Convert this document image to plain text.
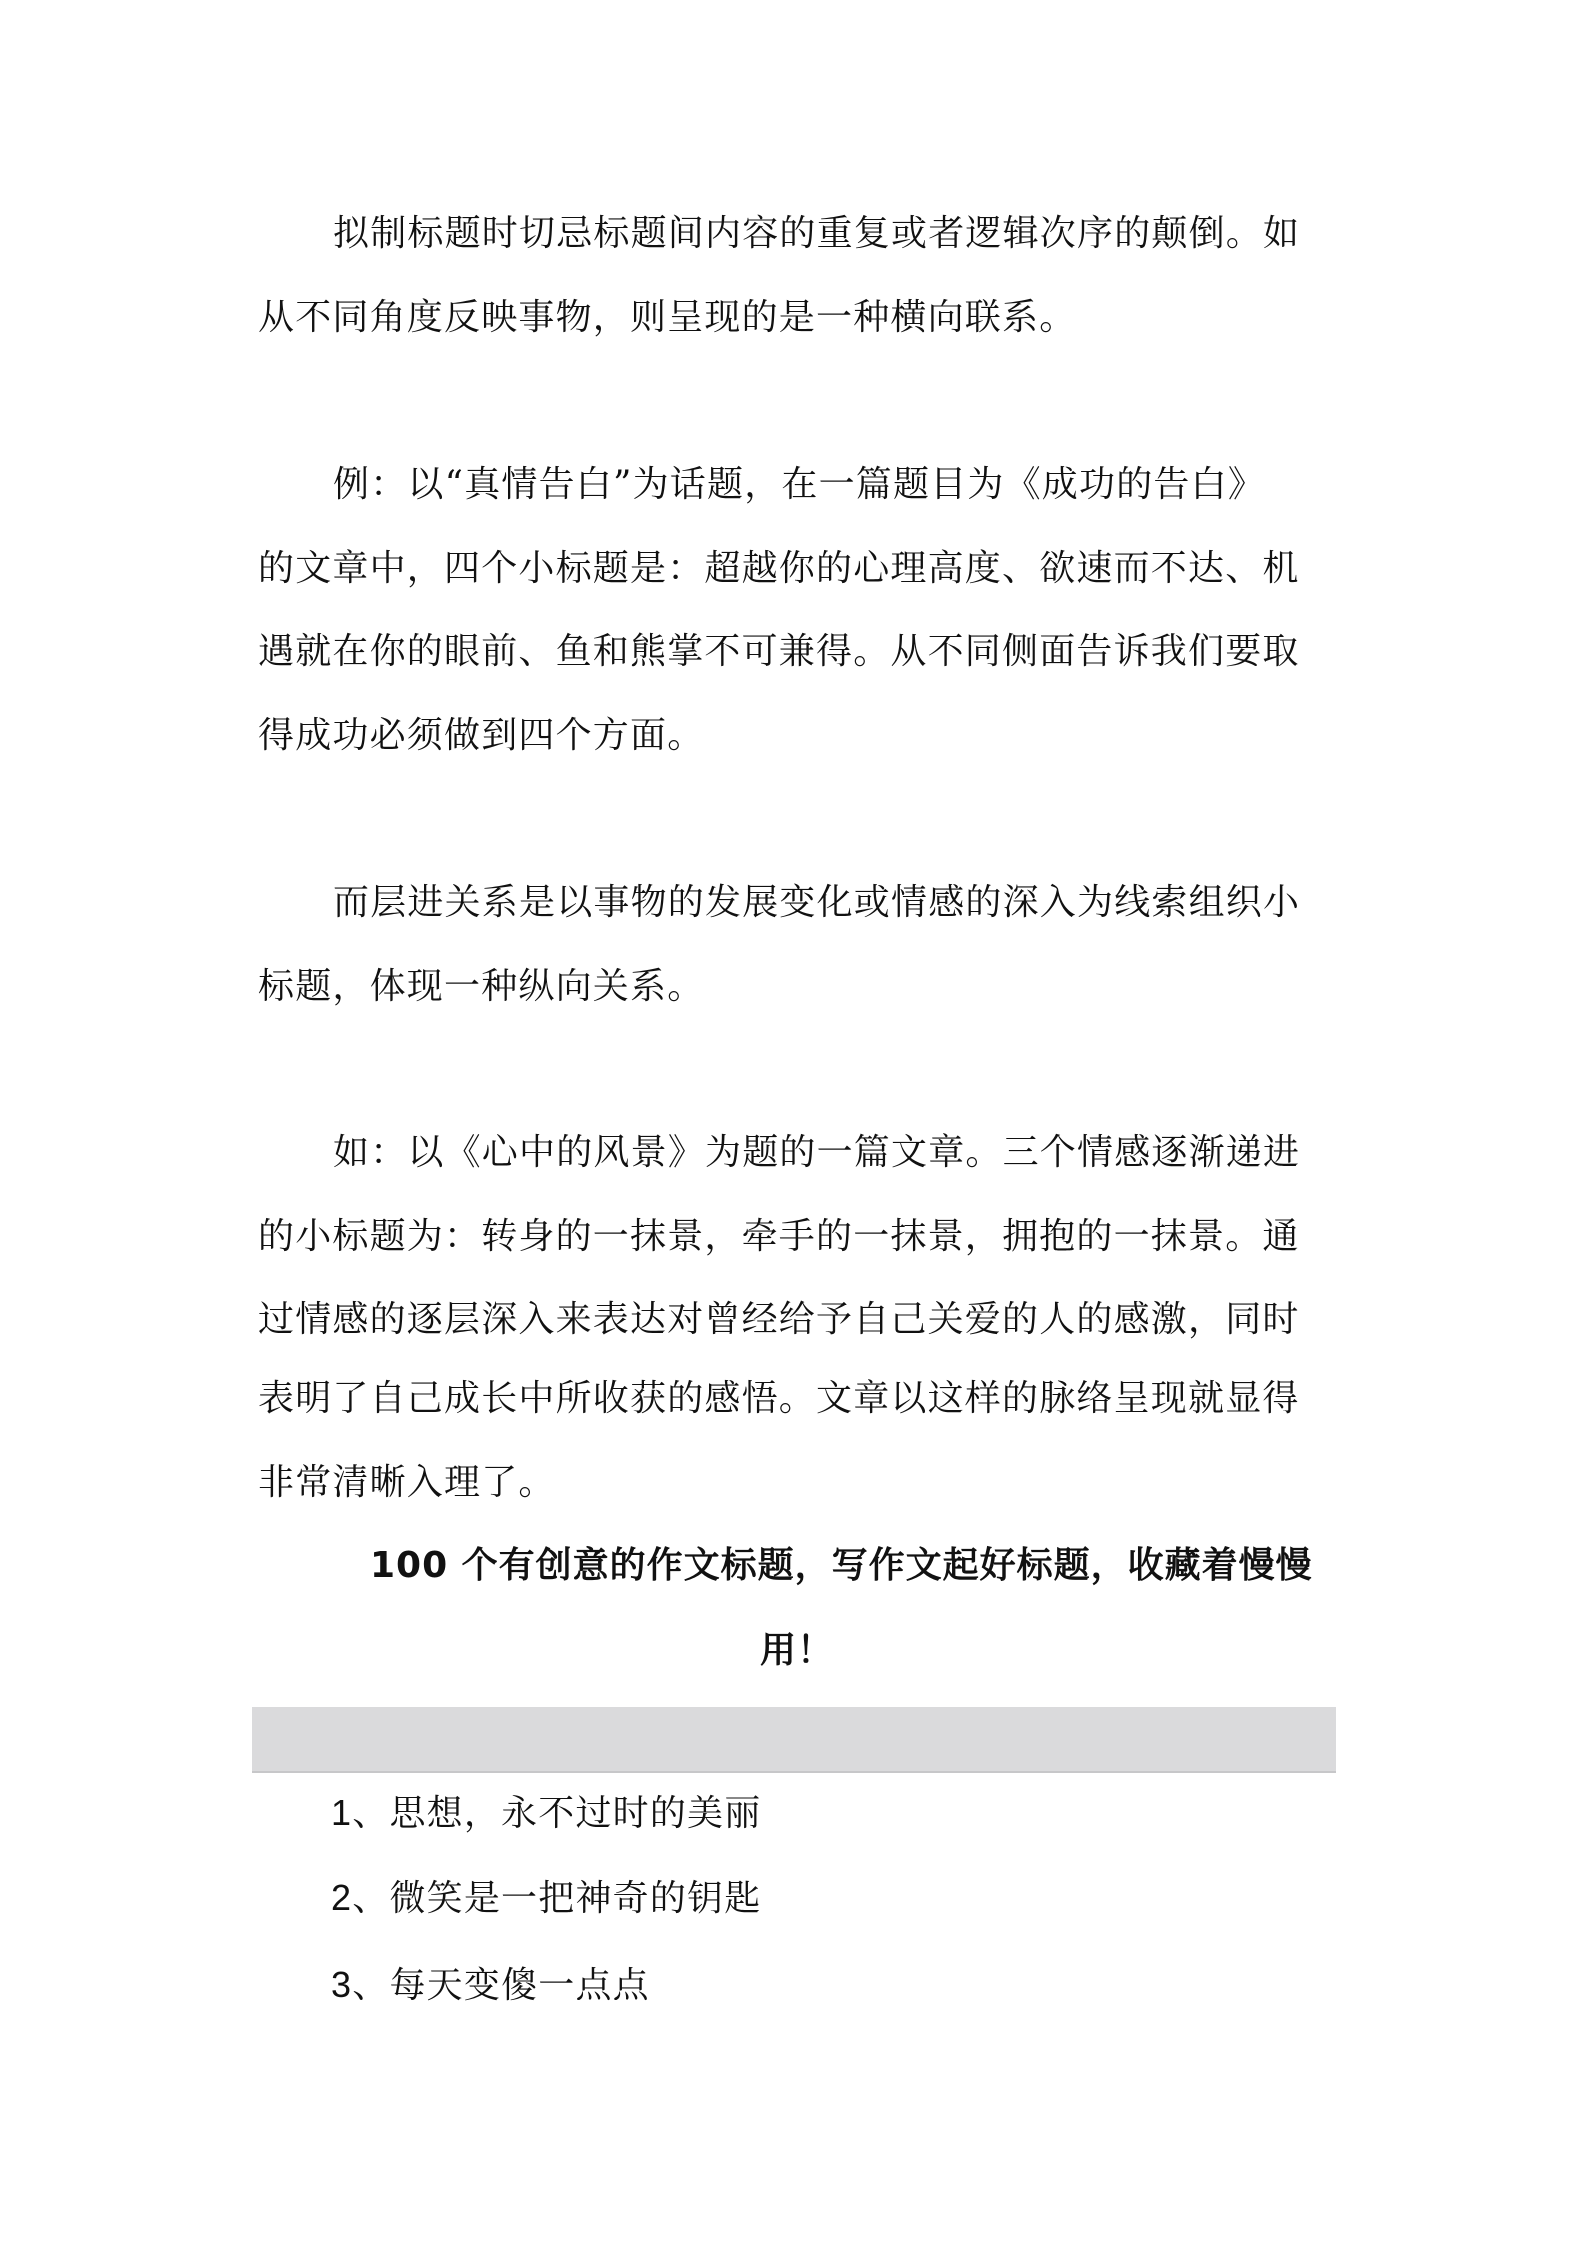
拟制标题时切忌标题间内容的重复或者逻辑次序的颠倒。如
从不同角度反映事物，则呈现的是一种横向联系。
例：以“真情告白”为话题，在一篇题目为《成功的告白》
的文章中，四个小标题是：超越你的心理高度、欲速而不达、机
遇就在你的眼前、鱼和熊掌不可兼得。从不同侧面告诉我们要取
得成功必须做到四个方面。
而层进关系是以事物的发展变化或情感的深入为线索组织小
标题，体现一种纵向关系。
如：以《心中的风景》为题的一篇文章。三个情感逐渐递进
的小标题为：转身的一抹景，牵手的一抹景，拥抱的一抹景。通
过情感的逐层深入来表达对曾经给予自己关爱的人的感激，同时
表明了自己成长中所收获的感悟。文章以这样的脉络呈现就显得
非常清晰入理了。
100 个有创意的作文标题，写作文起好标题，收藏着慢慢
用！
1、思想，永不过时的美丽
2、微笑是一把神奇的钥匙
3、每天变傻一点点
